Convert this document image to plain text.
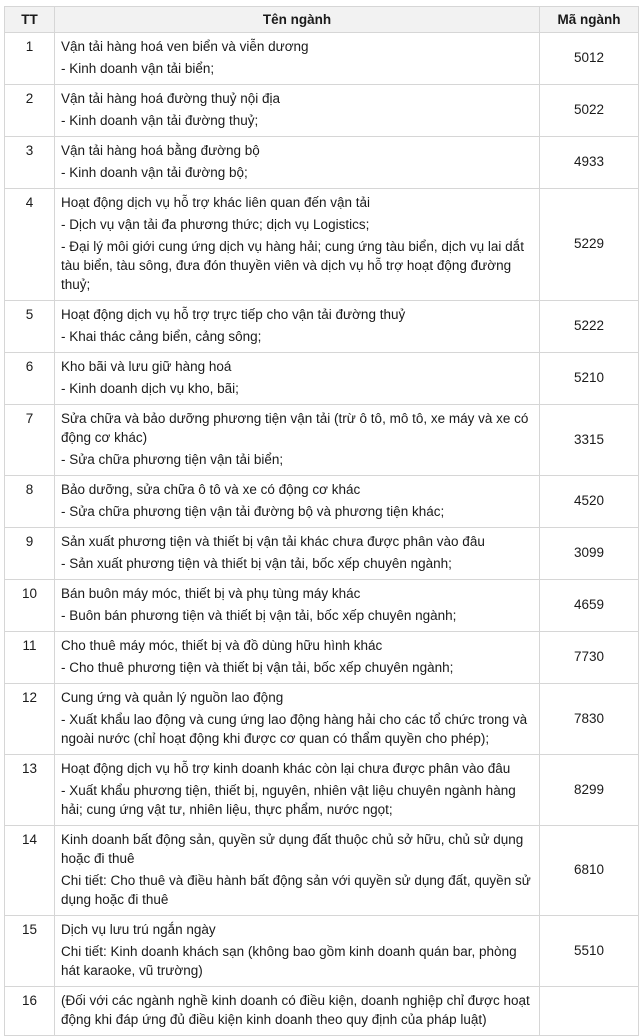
TT	Tên ngành	Mã ngành
1	Vận tải hàng hoá ven biển và viễn dương
- Kinh doanh vận tải biển;	5012
2	Vận tải hàng hoá đường thuỷ nội địa
- Kinh doanh vận tải đường thuỷ;	5022
3	Vận tải hàng hoá bằng đường bộ
- Kinh doanh vận tải đường bộ;	4933
4	Hoạt động dịch vụ hỗ trợ khác liên quan đến vận tải
- Dịch vụ vận tải đa phương thức; dịch vụ Logistics;
- Đại lý môi giới cung ứng dịch vụ hàng hải; cung ứng tàu biển, dịch vụ lai dắt tàu biển, tàu sông, đưa đón thuyền viên và dịch vụ hỗ trợ hoạt động đường thuỷ;	5229
5	Hoạt động dịch vụ hỗ trợ trực tiếp cho vận tải đường thuỷ
- Khai thác cảng biển, cảng sông;	5222
6	Kho bãi và lưu giữ hàng hoá
- Kinh doanh dịch vụ kho, bãi;	5210
7	Sửa chữa và bảo dưỡng phương tiện vận tải (trừ ô tô, mô tô, xe máy và xe có động cơ khác)
- Sửa chữa phương tiện vận tải biển;	3315
8	Bảo dưỡng, sửa chữa ô tô và xe có động cơ khác
- Sửa chữa phương tiện vận tải đường bộ và phương tiện khác;	4520
9	Sản xuất phương tiện và thiết bị vận tải khác chưa được phân vào đâu
- Sản xuất phương tiện và thiết bị vận tải, bốc xếp chuyên ngành;	3099
10	Bán buôn máy móc, thiết bị và phụ tùng máy khác
- Buôn bán phương tiện và thiết bị vận tải, bốc xếp chuyên ngành;	4659
11	Cho thuê máy móc, thiết bị và đồ dùng hữu hình khác
- Cho thuê phương tiện và thiết bị vận tải, bốc xếp chuyên ngành;	7730
12	Cung ứng và quản lý nguồn lao động
- Xuất khẩu lao động và cung ứng lao động hàng hải cho các tổ chức trong và ngoài nước (chỉ hoạt động khi được cơ quan có thẩm quyền cho phép);	7830
13	Hoạt động dịch vụ hỗ trợ kinh doanh khác còn lại chưa được phân vào đâu
- Xuất khẩu phương tiện, thiết bị, nguyên, nhiên vật liệu chuyên ngành hàng hải; cung ứng vật tư, nhiên liệu, thực phẩm, nước ngọt;	8299
14	Kinh doanh bất động sản, quyền sử dụng đất thuộc chủ sở hữu, chủ sử dụng hoặc đi thuê
Chi tiết: Cho thuê và điều hành bất động sản với quyền sử dụng đất, quyền sử dụng hoặc đi thuê	6810
15	Dịch vụ lưu trú ngắn ngày
Chi tiết: Kinh doanh khách sạn (không bao gồm kinh doanh quán bar, phòng hát karaoke, vũ trường)	5510
16	(Đối với các ngành nghề kinh doanh có điều kiện, doanh nghiệp chỉ được hoạt động khi đáp ứng đủ điều kiện kinh doanh theo quy định của pháp luật)	
